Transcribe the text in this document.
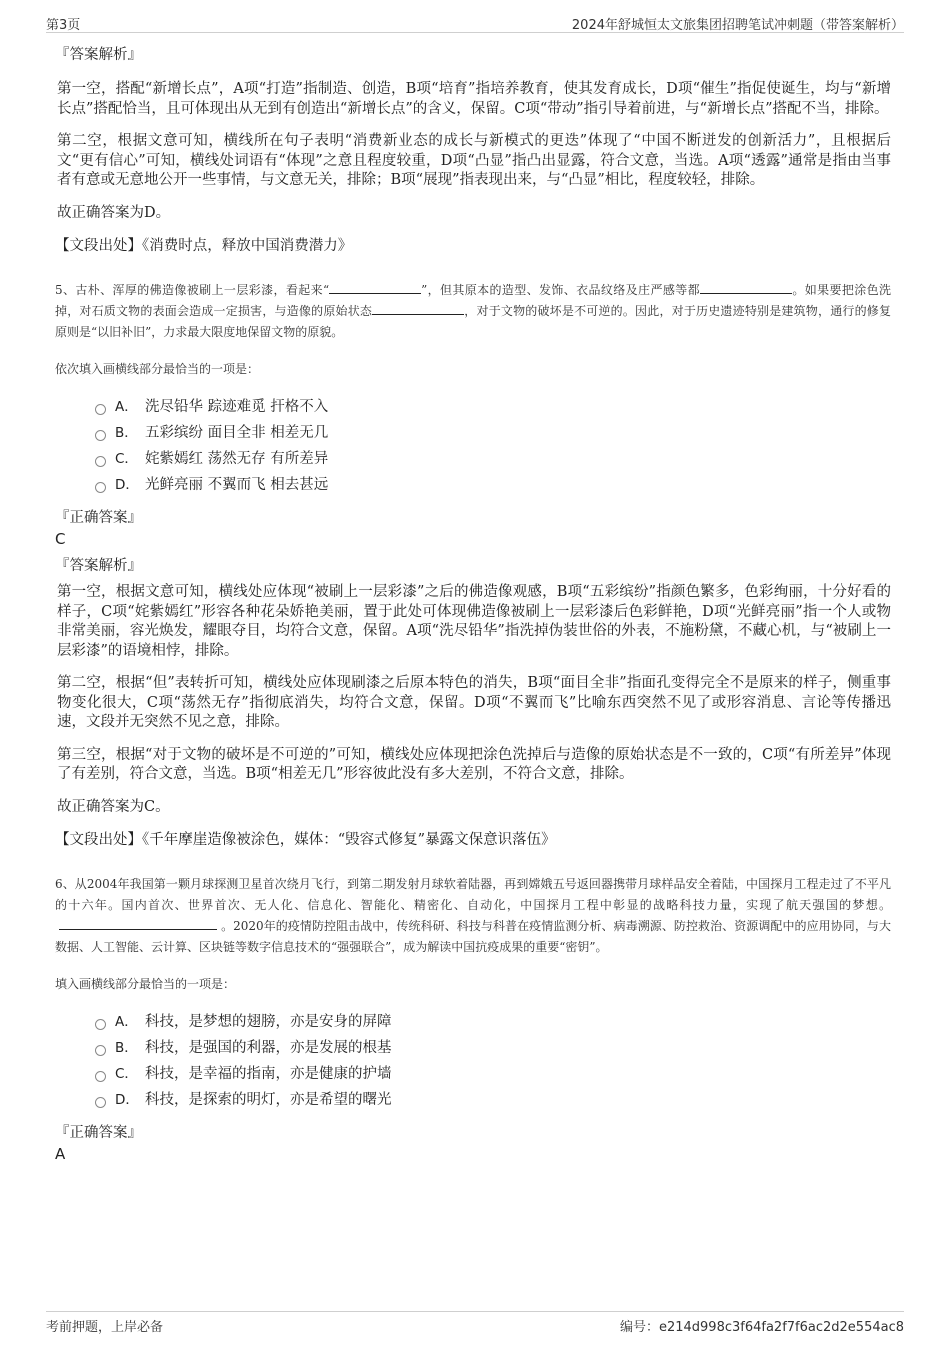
第3页	2024年舒城恒太文旅集团招聘笔试冲刺题（带答案解析）
『答案解析』
第一空，搭配“新增长点”，A项“打造”指制造、创造，B项“培育”指培养教育，使其发育成长，D项“催生”指促使诞生，均与“新增长点”搭配恰当，且可体现出从无到有创造出“新增长点”的含义，保留。C项“带动”指引导着前进，与“新增长点”搭配不当，排除。
第二空，根据文意可知，横线所在句子表明“消费新业态的成长与新模式的更迭”体现了“中国不断迸发的创新活力”，且根据后文“更有信心”可知，横线处词语有“体现”之意且程度较重，D项“凸显”指凸出显露，符合文意，当选。A项“透露”通常是指由当事者有意或无意地公开一些事情，与文意无关，排除；B项“展现”指表现出来，与“凸显”相比，程度较轻，排除。
故正确答案为D。
【文段出处】《消费时点，释放中国消费潜力》
5、古朴、浑厚的佛造像被刷上一层彩漆，看起来“	”，但其原本的造型、发饰、衣品纹络及庄严感等都	。如果要把涂色洗掉，对石质文物的表面会造成一定损害，与造像的原始状态	，对于文物的破坏是不可逆的。因此，对于历史遗迹特别是建筑物，通行的修复原则是“以旧补旧”，力求最大限度地保留文物的原貌。
依次填入画横线部分最恰当的一项是：
A． 洗尽铅华 踪迹难觅 扞格不入
B． 五彩缤纷 面目全非 相差无几
C． 姹紫嫣红 荡然无存 有所差异
D． 光鲜亮丽 不翼而飞 相去甚远
『正确答案』
C
『答案解析』
第一空，根据文意可知，横线处应体现“被刷上一层彩漆”之后的佛造像观感，B项“五彩缤纷”指颜色繁多，色彩绚丽，十分好看的样子，C项“姹紫嫣红”形容各种花朵娇艳美丽，置于此处可体现佛造像被刷上一层彩漆后色彩鲜艳，D项“光鲜亮丽”指一个人或物非常美丽，容光焕发，耀眼夺目，均符合文意，保留。A项“洗尽铅华”指洗掉伪装世俗的外表，不施粉黛，不藏心机，与“被刷上一层彩漆”的语境相悖，排除。
第二空，根据“但”表转折可知，横线处应体现刷漆之后原本特色的消失，B项“面目全非”指面孔变得完全不是原来的样子，侧重事物变化很大，C项“荡然无存”指彻底消失，均符合文意，保留。D项“不翼而飞”比喻东西突然不见了或形容消息、言论等传播迅速，文段并无突然不见之意，排除。
第三空，根据“对于文物的破坏是不可逆的”可知，横线处应体现把涂色洗掉后与造像的原始状态是不一致的，C项“有所差异”体现了有差别，符合文意，当选。B项“相差无几”形容彼此没有多大差别，不符合文意，排除。
故正确答案为C。
【文段出处】《千年摩崖造像被涂色，媒体：“毁容式修复”暴露文保意识落伍》
6、从2004年我国第一颗月球探测卫星首次绕月飞行，到第二期发射月球软着陆器，再到嫦娥五号返回器携带月球样品安全着陆，中国探月工程走过了不平凡的十六年。国内首次、世界首次、无人化、信息化、智能化、精密化、自动化，中国探月工程中彰显的战略科技力量，实现了航天强国的梦想。。2020年的疫情防控阻击战中，传统科研、科技与科普在疫情监测分析、病毒溯源、防控救治、资源调配中的应用协同，与大数据、人工智能、云计算、区块链等数字信息技术的“强强联合”，成为解读中国抗疫成果的重要“密钥”。
填入画横线部分最恰当的一项是：
A． 科技，是梦想的翅膀，亦是安身的屏障
B． 科技，是强国的利器，亦是发展的根基
C． 科技，是幸福的指南，亦是健康的护墙
D． 科技，是探索的明灯，亦是希望的曙光
『正确答案』
A
考前押题，上岸必备	编号：e214d998c3f64fa2f7f6ac2d2e554ac8
